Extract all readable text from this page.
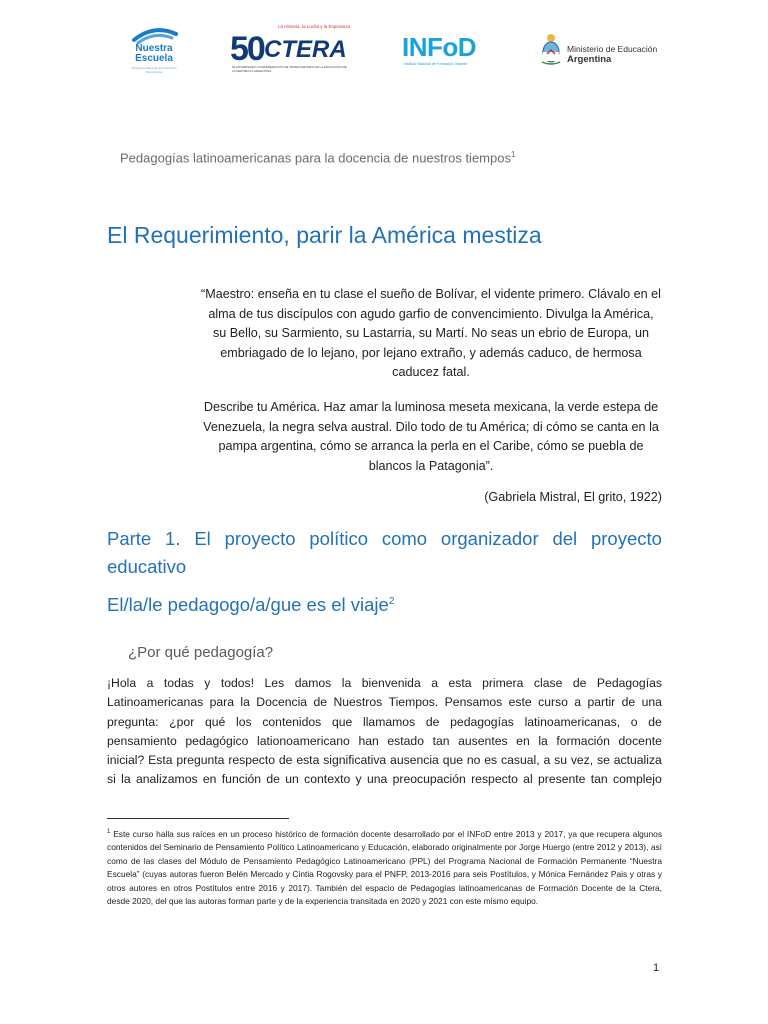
Nuestra Escuela
Programa Nacional de Formación Permanente
La Historia, la Lucha y la Esperanza
50 CTERA
50 ANIVERSARIO CONFEDERACIÓN DE TRABAJADORES DE LA EDUCACIÓN DE LA REPÚBLICA ARGENTINA
INFoD
Instituto Nacional de Formación Docente
Ministerio de Educación
Argentina
Pedagogías latinoamericanas para la docencia de nuestros tiempos$^1$
El Requerimiento, parir la América mestiza
“Maestro: enseña en tu clase el sueño de Bolívar, el vidente primero. Clávalo en el alma de tus discípulos con agudo garfio de convencimiento. Divulga la América, su Bello, su Sarmiento, su Lastarria, su Martí. No seas un ebrio de Europa, un embriagado de lo lejano, por lejano extraño, y además caduco, de hermosa caducez fatal.
Describe tu América. Haz amar la luminosa meseta mexicana, la verde estepa de Venezuela, la negra selva austral. Dilo todo de tu América; di cómo se canta en la pampa argentina, cómo se arranca la perla en el Caribe, cómo se puebla de blancos la Patagonia”.
(Gabriela Mistral, El grito, 1922)
Parte 1. El proyecto político como organizador del proyecto
educativo
El/la/le pedagogo/a/gue es el viaje$^2$
¿Por qué pedagogía?
¡Hola a todas y todos! Les damos la bienvenida a esta primera clase de Pedagogías
Latinoamericanas para la Docencia de Nuestros Tiempos. Pensamos este curso a partir de una
pregunta: ¿por qué los contenidos que llamamos de pedagogías latinoamericanas, o de
pensamiento pedagógico lationoamericano han estado tan ausentes en la formación docente
inicial? Esta pregunta respecto de esta significativa ausencia que no es casual, a su vez, se actualiza
si la analizamos en función de un contexto y una preocupación respecto al presente tan complejo
$^1$ Este curso halla sus raíces en un proceso histórico de formación docente desarrollado por el INFoD entre 2013 y 2017, ya que recupera algunos contenidos del Seminario de Pensamiento Político Latinoamericano y Educación, elaborado originalmente por Jorge Huergo (entre 2012 y 2013), así como de las clases del Módulo de Pensamiento Pedagógico Latinoamericano (PPL) del Programa Nacional de Formación Permanente “Nuestra Escuela” (cuyas autoras fueron Belén Mercado y Cintia Rogovsky para el PNFP, 2013-2016 para seis Postítulos, y Mónica Fernández Pais y otras y otros autores en otros Postítulos entre 2016 y 2017). También del espacio de Pedagogías latinoamericanas de Formación Docente de la Ctera, desde 2020, del que las autoras forman parte y de la experiencia transitada en 2020 y 2021 con este mismo equipo.
1
